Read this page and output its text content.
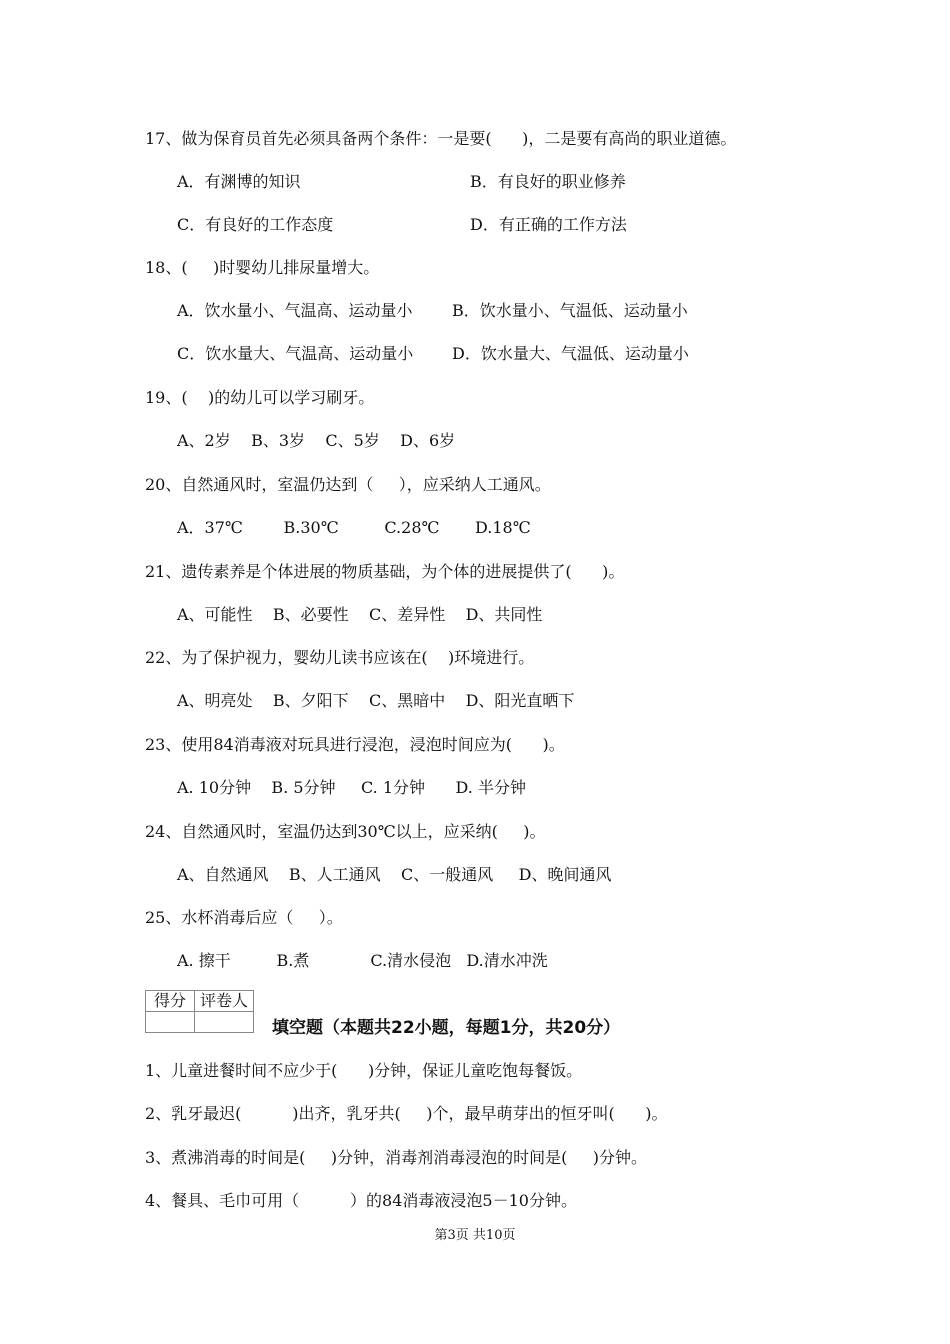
17、做为保育员首先必须具备两个条件：一是要(      )，二是要有高尚的职业道德。
A．有渊博的知识	B．有良好的职业修养
C．有良好的工作态度	D．有正确的工作方法
18、(     )时婴幼儿排尿量增大。
A．饮水量小、气温高、运动量小 B．饮水量小、气温低、运动量小
C．饮水量大、气温高、运动量小 D．饮水量大、气温低、运动量小
19、(    )的幼儿可以学习刷牙。
A、2岁    B、3岁    C、5岁    D、6岁
20、自然通风时，室温仍达到（     ），应采纳人工通风。
A．37℃        B.30℃         C.28℃       D.18℃
21、遗传素养是个体进展的物质基础，为个体的进展提供了(      )。
A、可能性    B、必要性    C、差异性    D、共同性
22、为了保护视力，婴幼儿读书应该在(    )环境进行。
A、明亮处    B、夕阳下    C、黑暗中    D、阳光直晒下
23、使用84消毒液对玩具进行浸泡，浸泡时间应为(      )。
A. 10分钟    B. 5分钟     C. 1分钟      D. 半分钟
24、自然通风时，室温仍达到30℃以上，应采纳(     )。
A、自然通风    B、人工通风    C、一般通风     D、晚间通风
25、水杯消毒后应（     ）。
A. 擦干         B.煮            C.清水侵泡   D.清水冲洗
得分	评卷人

填空题（本题共22小题，每题1分，共20分）
1、儿童进餐时间不应少于(      )分钟，保证儿童吃饱每餐饭。
2、乳牙最迟(          )出齐，乳牙共(     )个，最早萌芽出的恒牙叫(      )。
3、煮沸消毒的时间是(     )分钟，消毒剂消毒浸泡的时间是(     )分钟。
4、餐具、毛巾可用（          ）的84消毒液浸泡5－10分钟。
第3页 共10页
